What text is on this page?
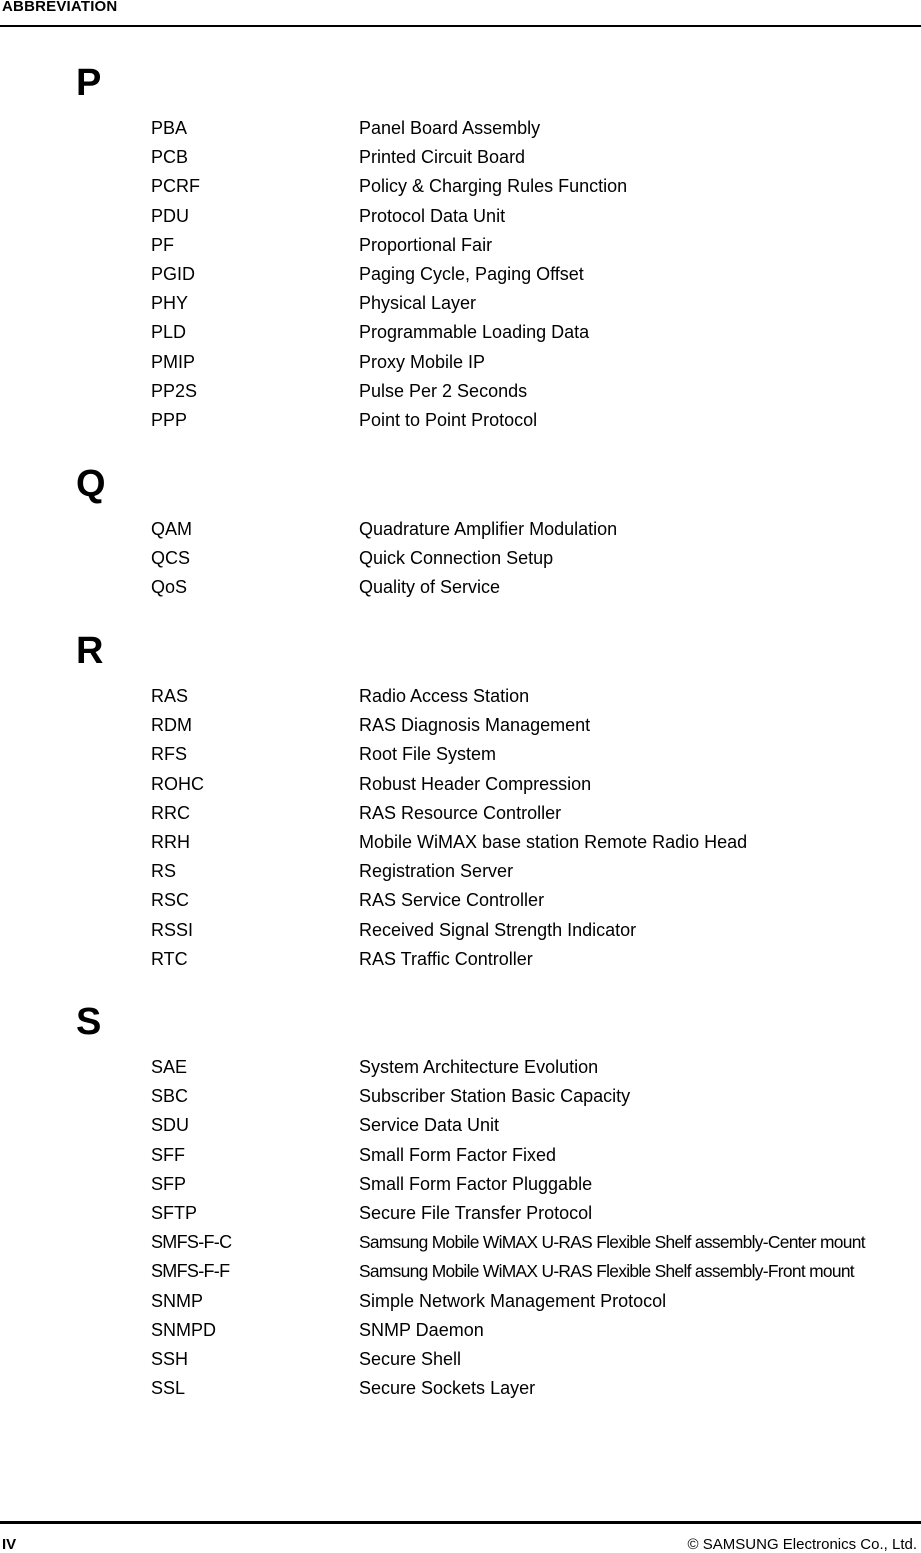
ABBREVIATION
P
PBA	Panel Board Assembly
PCB	Printed Circuit Board
PCRF	Policy & Charging Rules Function
PDU	Protocol Data Unit
PF	Proportional Fair
PGID	Paging Cycle, Paging Offset
PHY	Physical Layer
PLD	Programmable Loading Data
PMIP	Proxy Mobile IP
PP2S	Pulse Per 2 Seconds
PPP	Point to Point Protocol
Q
QAM	Quadrature Amplifier Modulation
QCS	Quick Connection Setup
QoS	Quality of Service
R
RAS	Radio Access Station
RDM	RAS Diagnosis Management
RFS	Root File System
ROHC	Robust Header Compression
RRC	RAS Resource Controller
RRH	Mobile WiMAX base station Remote Radio Head
RS	Registration Server
RSC	RAS Service Controller
RSSI	Received Signal Strength Indicator
RTC	RAS Traffic Controller
S
SAE	System Architecture Evolution
SBC	Subscriber Station Basic Capacity
SDU	Service Data Unit
SFF	Small Form Factor Fixed
SFP	Small Form Factor Pluggable
SFTP	Secure File Transfer Protocol
SMFS-F-C	Samsung Mobile WiMAX U-RAS Flexible Shelf assembly-Center mount
SMFS-F-F	Samsung Mobile WiMAX U-RAS Flexible Shelf assembly-Front mount
SNMP	Simple Network Management Protocol
SNMPD	SNMP Daemon
SSH	Secure Shell
SSL	Secure Sockets Layer
IV	© SAMSUNG Electronics Co., Ltd.
